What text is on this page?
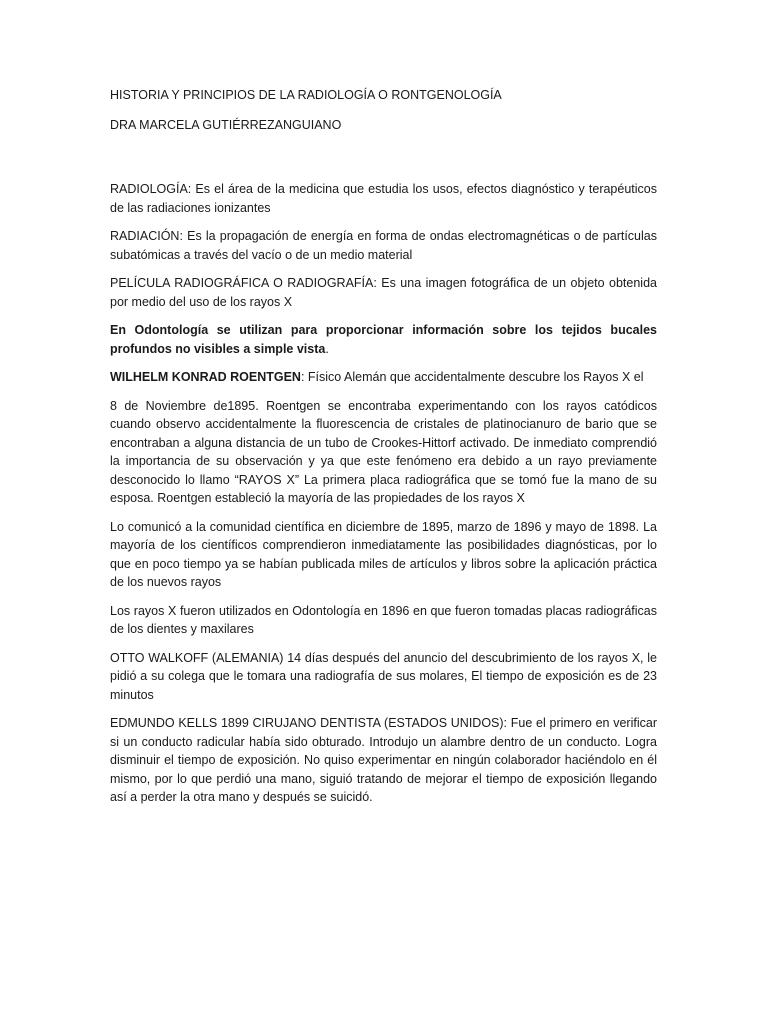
HISTORIA Y PRINCIPIOS DE LA RADIOLOGÍA O RONTGENOLOGÍA

DRA MARCELA GUTIÉRREZANGUIANO

RADIOLOGÍA: Es el área de la medicina que estudia los usos, efectos diagnóstico y terapéuticos de las radiaciones ionizantes

RADIACIÓN: Es la propagación de energía en forma de ondas electromagnéticas o de partículas subatómicas a través del vacío o de un medio material

PELÍCULA RADIOGRÁFICA O RADIOGRAFÍA: Es una imagen fotográfica de un objeto obtenida por medio del uso de los rayos X

En Odontología se utilizan para proporcionar información sobre los tejidos bucales profundos no visibles a simple vista.

WILHELM KONRAD ROENTGEN: Físico Alemán que accidentalmente descubre los Rayos X el

8 de Noviembre de1895. Roentgen se encontraba experimentando con los rayos catódicos cuando observo accidentalmente la fluorescencia de cristales de platinocianuro de bario que se encontraban a alguna distancia de un tubo de Crookes-Hittorf activado. De inmediato comprendió la importancia de su observación y ya que este fenómeno era debido a un rayo previamente desconocido lo llamo “RAYOS X” La primera placa radiográfica que se tomó fue la mano de su esposa. Roentgen estableció la mayoría de las propiedades de los rayos X

Lo comunicó a la comunidad científica en diciembre de 1895, marzo de 1896 y mayo de 1898. La mayoría de los científicos comprendieron inmediatamente las posibilidades diagnósticas, por lo que en poco tiempo ya se habían publicada miles de artículos y libros sobre la aplicación práctica de los nuevos rayos

Los rayos X fueron utilizados en Odontología en 1896 en que fueron tomadas placas radiográficas de los dientes y maxilares

OTTO WALKOFF (ALEMANIA) 14 días después del anuncio del descubrimiento de los rayos X, le pidió a su colega que le tomara una radiografía de sus molares, El tiempo de exposición es de 23 minutos

EDMUNDO KELLS 1899 CIRUJANO DENTISTA (ESTADOS UNIDOS): Fue el primero en verificar si un conducto radicular había sido obturado. Introdujo un alambre dentro de un conducto. Logra disminuir el tiempo de exposición. No quiso experimentar en ningún colaborador haciéndolo en él mismo, por lo que perdió una mano, siguió tratando de mejorar el tiempo de exposición llegando así a perder la otra mano y después se suicidó.
